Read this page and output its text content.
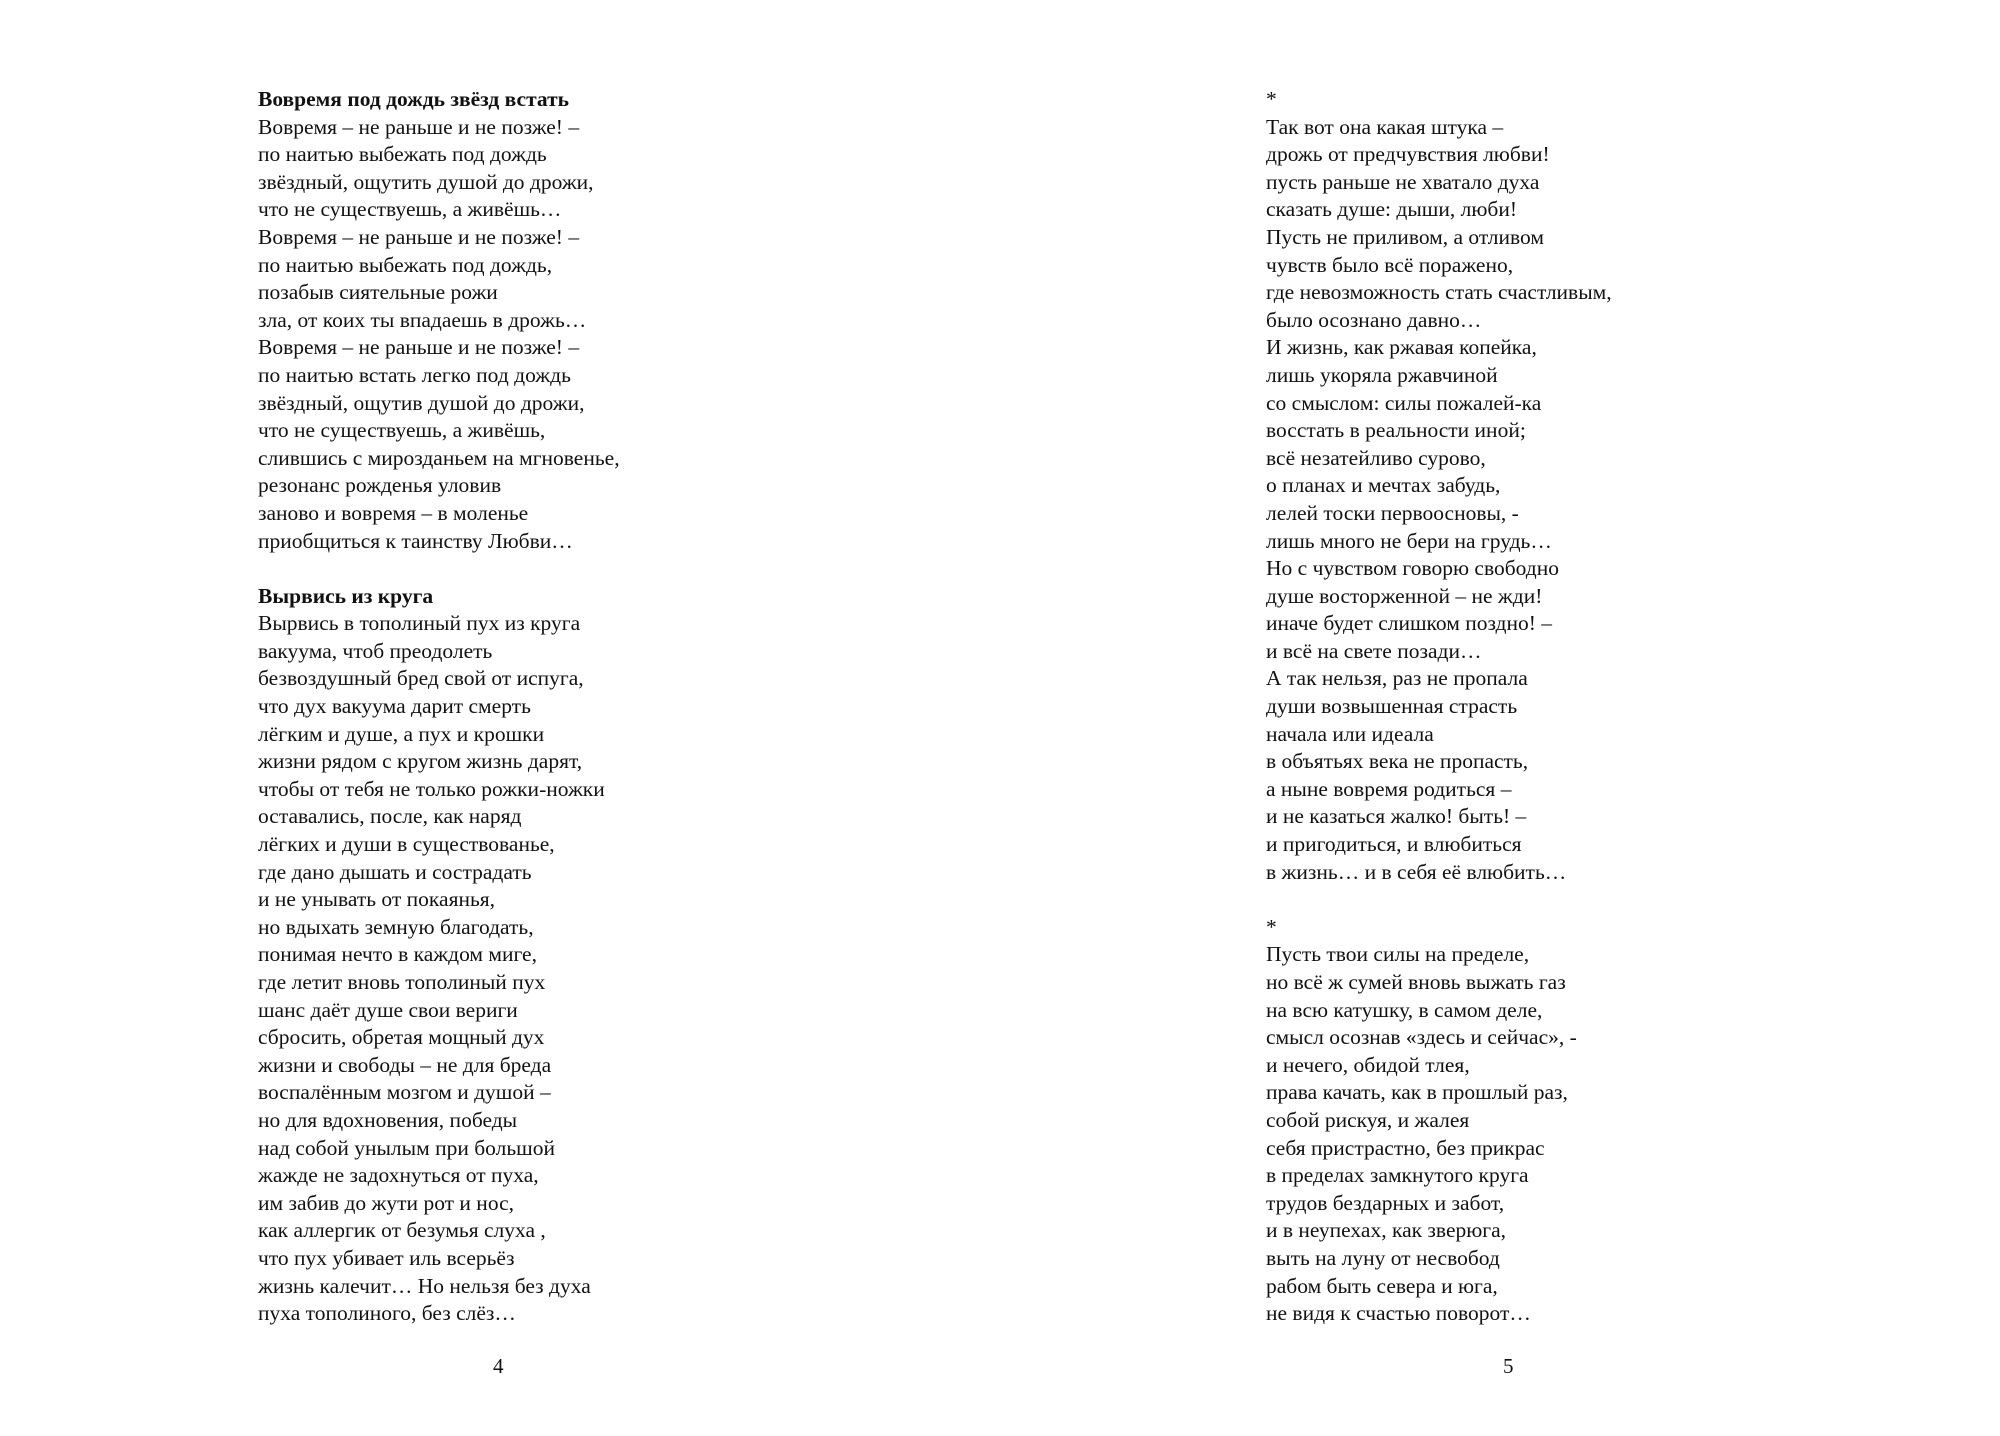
Вовремя под дождь звёзд встать
Вовремя – не раньше и не позже! –
по наитью выбежать под дождь
звёздный, ощутить душой до дрожи,
что не существуешь, а живёшь…
Вовремя – не раньше и не позже! –
по наитью выбежать под дождь,
позабыв сиятельные рожи
зла, от коих ты впадаешь в дрожь…
Вовремя – не раньше и не позже! –
по наитью встать легко под дождь
звёздный, ощутив душой до дрожи,
что не существуешь, а живёшь,
слившись с мирозданьем на мгновенье,
резонанс рожденья уловив
заново и вовремя – в моленье
приобщиться к таинству Любви…
Вырвись из круга
Вырвись в тополиный пух из круга
вакуума, чтоб преодолеть
безвоздушный бред свой от испуга,
что дух вакуума дарит смерть
лёгким и душе, а пух и крошки
жизни рядом с кругом жизнь дарят,
чтобы от тебя не только рожки-ножки
оставались, после, как наряд
лёгких и души в существованье,
где дано дышать и сострадать
и не унывать от покаянья,
но вдыхать земную благодать,
понимая нечто в каждом миге,
где летит вновь тополиный пух
шанс даёт душе свои вериги
сбросить, обретая мощный дух
жизни и свободы – не для бреда
воспалённым мозгом и душой –
но для вдохновения, победы
над собой унылым при большой
жажде не задохнуться от пуха,
им забив до жути рот и нос,
как аллергик от безумья слуха ,
что пух убивает иль всерьёз
жизнь калечит… Но нельзя без духа
пуха тополиного, без слёз…
4
*
Так вот она какая штука –
дрожь от предчувствия любви!
пусть раньше не хватало духа
сказать душе: дыши, люби!
Пусть не приливом, а отливом
чувств было всё поражено,
где невозможность стать счастливым,
было осознано давно…
И жизнь, как ржавая копейка,
лишь укоряла ржавчиной
со смыслом: силы пожалей-ка
восстать в реальности иной;
всё незатейливо сурово,
о планах и мечтах забудь,
лелей тоски первоосновы, -
лишь много не бери на грудь…
Но с чувством говорю свободно
душе восторженной – не жди!
иначе будет слишком поздно! –
и всё на свете позади…
А так нельзя, раз не пропала
души возвышенная страсть
начала или идеала
в объятьях века не пропасть,
а ныне вовремя родиться –
и не казаться жалко! быть! –
и пригодиться, и влюбиться
в жизнь… и в себя её влюбить…
*
Пусть твои силы на пределе,
но всё ж сумей вновь выжать газ
на всю катушку, в самом деле,
смысл осознав «здесь и сейчас», -
и нечего, обидой тлея,
права качать, как в прошлый раз,
собой рискуя, и жалея
себя пристрастно, без прикрас
в пределах замкнутого круга
трудов бездарных и забот,
и в неупехах, как зверюга,
выть на луну от несвобод
рабом быть севера и юга,
не видя к счастью поворот…
5
